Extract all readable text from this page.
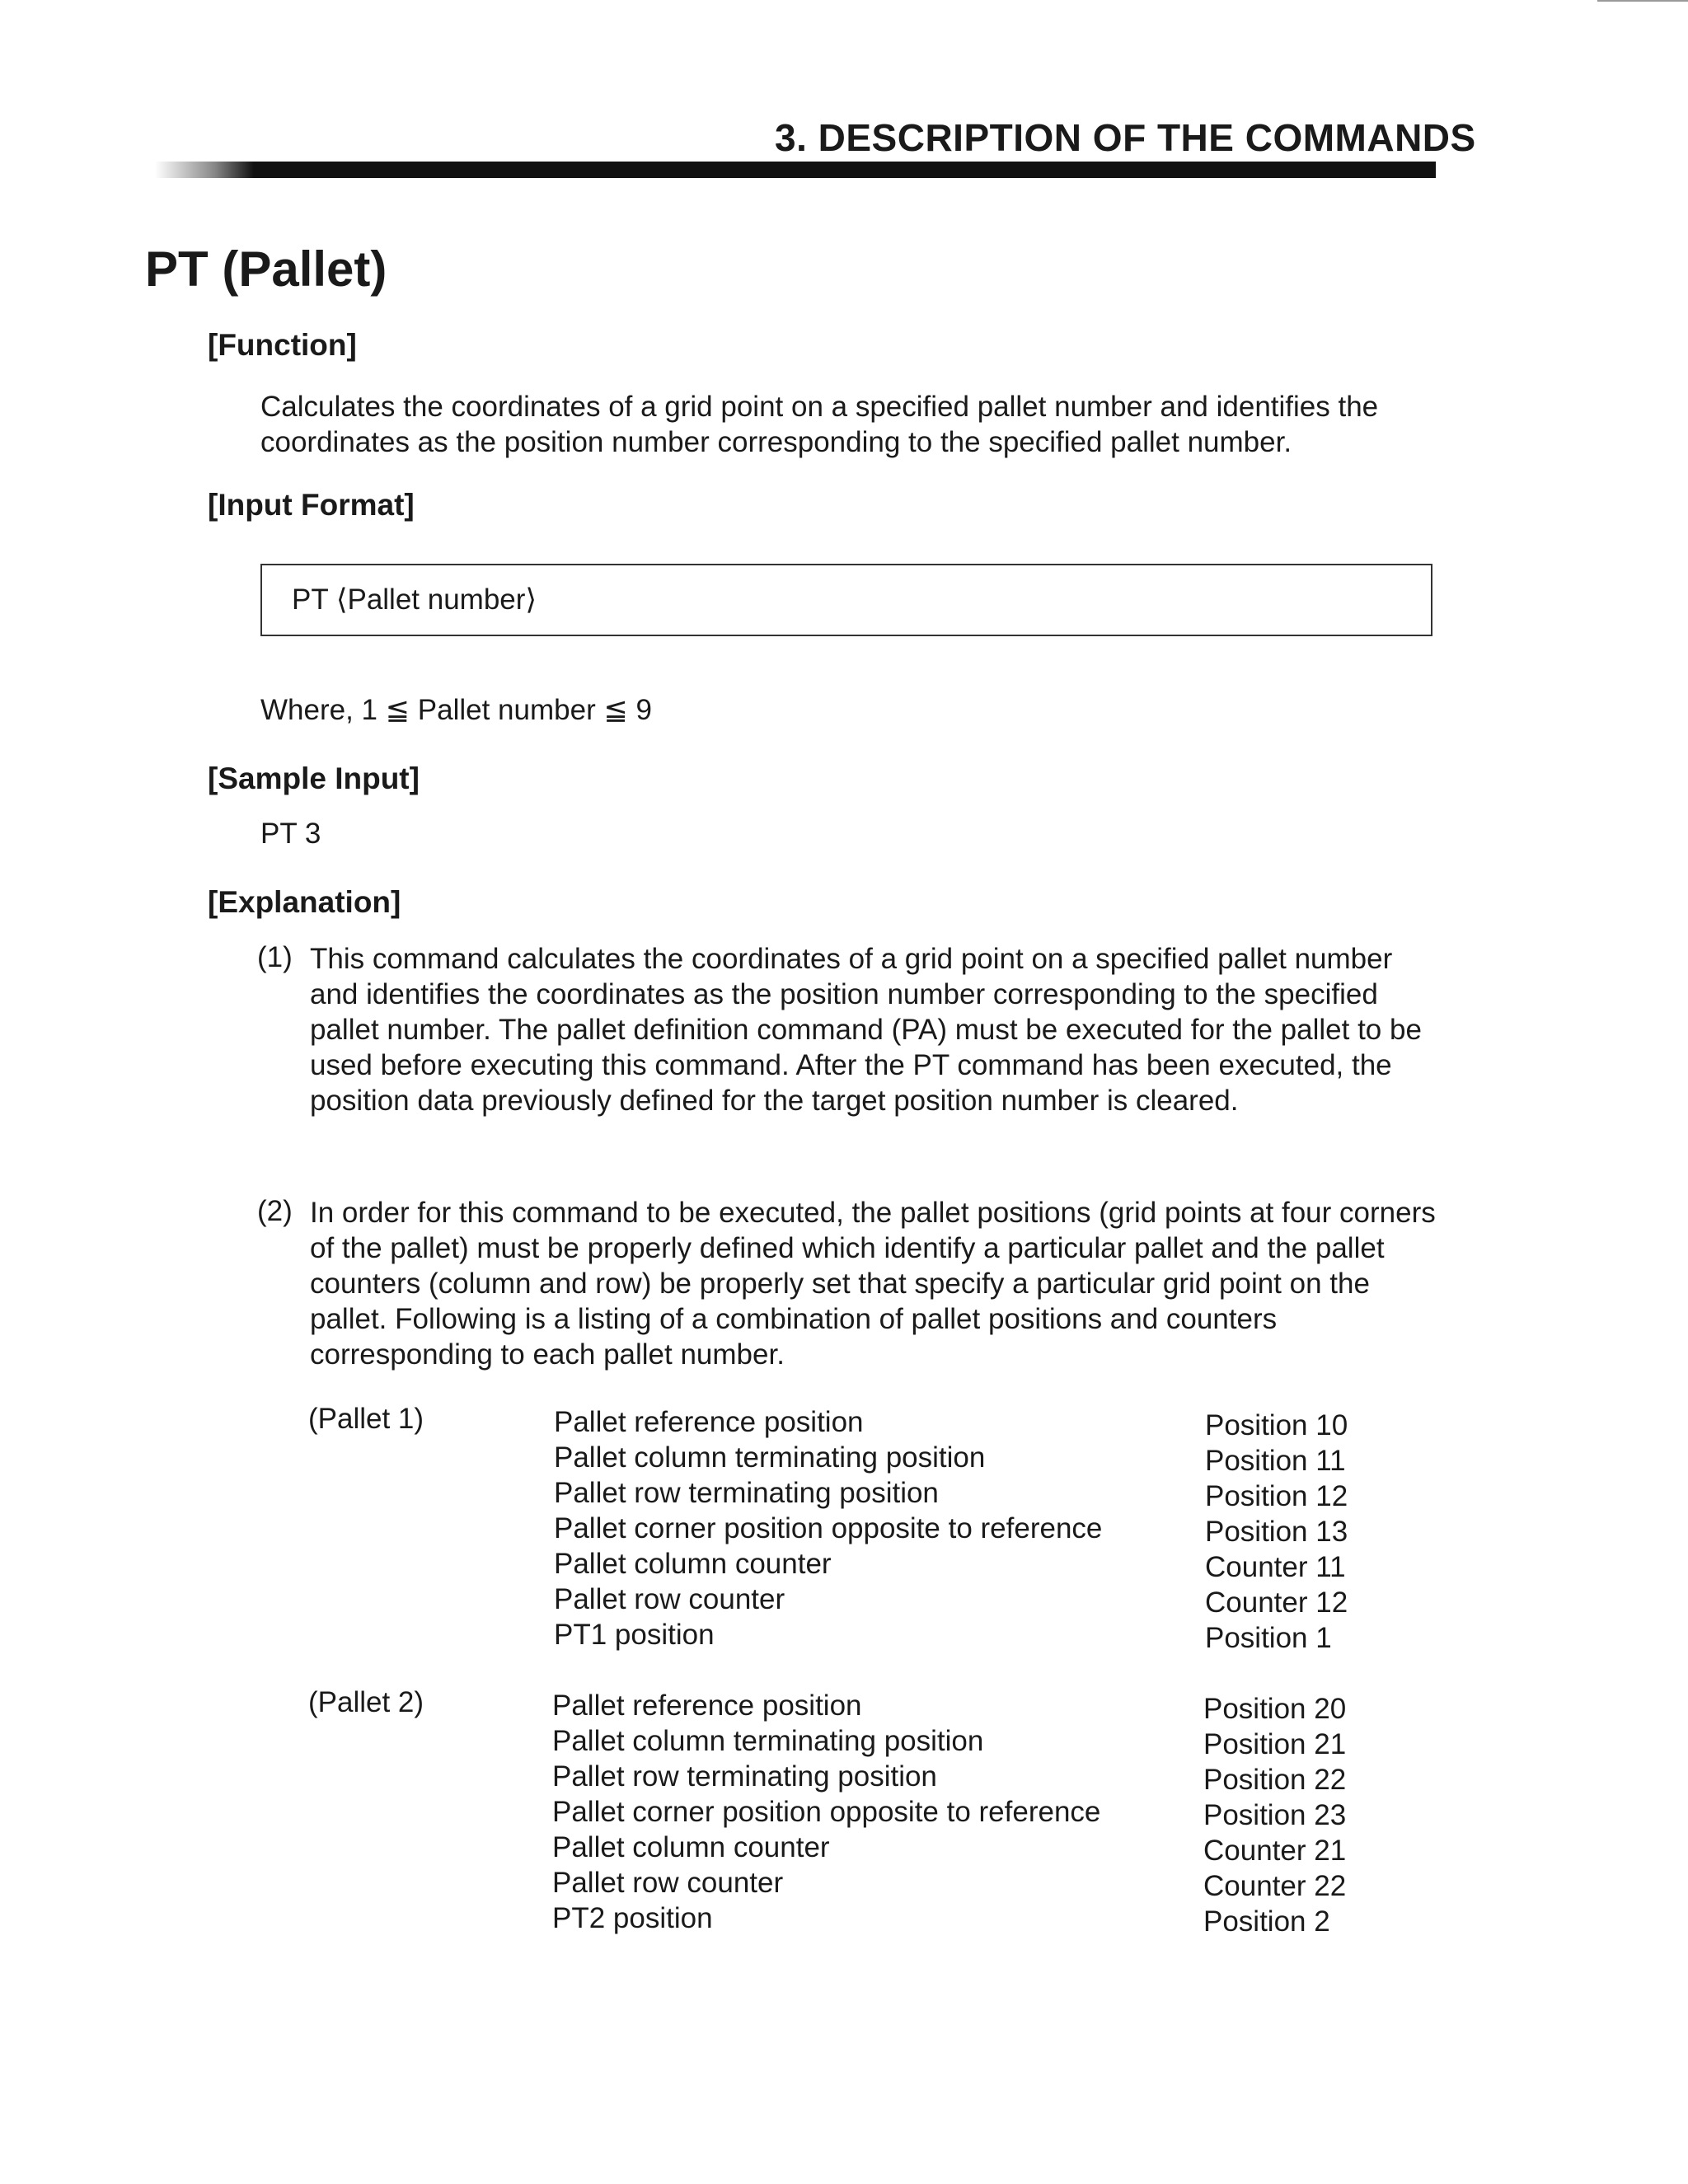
3. DESCRIPTION OF THE COMMANDS
PT (Pallet)
[Function]
Calculates the coordinates of a grid point on a specified pallet number and identifies the coordinates as the position number corresponding to the specified pallet number.
[Input Format]
PT ⟨Pallet number⟩
Where, 1 ≦ Pallet number ≦ 9
[Sample Input]
PT 3
[Explanation]
(1) This command calculates the coordinates of a grid point on a specified pallet number and identifies the coordinates as the position number corresponding to the specified pallet number. The pallet definition command (PA) must be executed for the pallet to be used before executing this command. After the PT command has been executed, the position data previously defined for the target position number is cleared.
(2) In order for this command to be executed, the pallet positions (grid points at four corners of the pallet) must be properly defined which identify a particular pallet and the pallet counters (column and row) be properly set that specify a particular grid point on the pallet. Following is a listing of a combination of pallet positions and counters corresponding to each pallet number.
(Pallet 1)	Pallet reference position	Position 10
Pallet column terminating position	Position 11
Pallet row terminating position	Position 12
Pallet corner position opposite to reference	Position 13
Pallet column counter	Counter 11
Pallet row counter	Counter 12
PT1 position	Position 1
(Pallet 2)	Pallet reference position	Position 20
Pallet column terminating position	Position 21
Pallet row terminating position	Position 22
Pallet corner position opposite to reference	Position 23
Pallet column counter	Counter 21
Pallet row counter	Counter 22
PT2 position	Position 2
